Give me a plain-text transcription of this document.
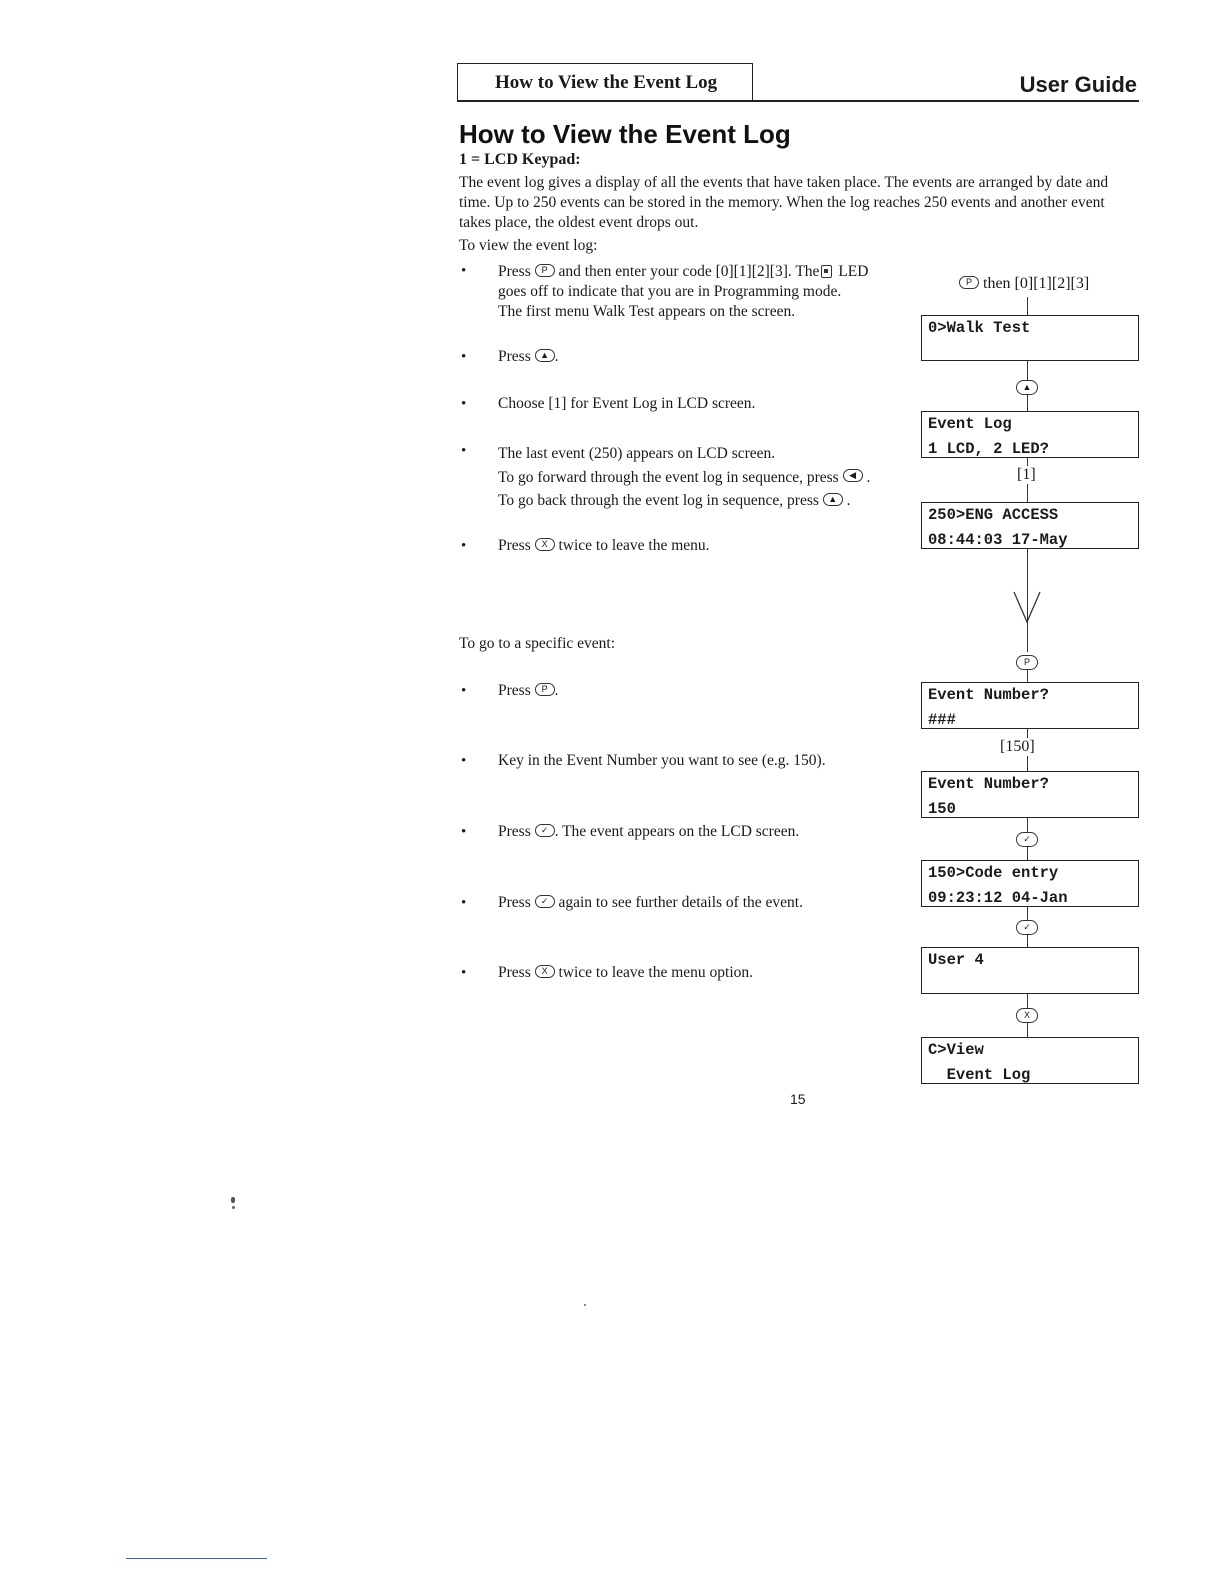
How to View the Event Log	User Guide
How to View the Event Log
1 = LCD Keypad:
The event log gives a display of all the events that have taken place. The events are arranged by date and time. Up to 250 events can be stored in the memory. When the log reaches 250 events and another event takes place, the oldest event drops out.
To view the event log:
• Press P and then enter your code [0][1][2][3]. The LED
goes off to indicate that you are in Programming mode.
The first menu Walk Test appears on the screen.
• Press ▲ .
• Choose [1] for Event Log in LCD screen.
• The last event (250) appears on LCD screen.
To go forward through the event log in sequence, press ◀ .
To go back through the event log in sequence, press ▲ .
• Press X twice to leave the menu.
To go to a specific event:
• Press P .
• Key in the Event Number you want to see (e.g. 150).
• Press ✓ . The event appears on the LCD screen.
• Press ✓ again to see further details of the event.
• Press X twice to leave the menu option.
P then [0][1][2][3]
0>Walk Test
▲
Event Log
1 LCD, 2 LED?
[1]
250>ENG ACCESS
08:44:03 17-May
P
Event Number?
###
[150]
Event Number?
150
✓
150>Code entry
09:23:12 04-Jan
✓
User 4
X
C>View
Event Log
15
